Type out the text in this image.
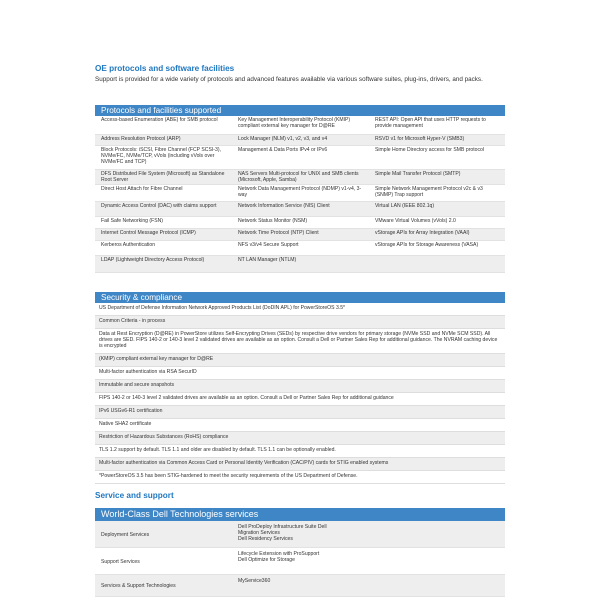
OE protocols and software facilities

Support is provided for a wide variety of protocols and advanced features available via various software suites, plug-ins, drivers, and packs.

Protocols and facilities supported
Access-based Enumeration (ABE) for SMB protocol	Key Management Interoperability Protocol (KMIP) compliant external key manager for D@RE	REST API: Open API that uses HTTP requests to provide management
Address Resolution Protocol (ARP)	Lock Manager (NLM) v1, v2, v3, and v4	RSVD v1 for Microsoft Hyper-V (SMB3)
Block Protocols: iSCSI, Fibre Channel (FCP SCSI-3), NVMe/FC, NVMe/TCP, vVols (including vVols over NVMe/FC and TCP)	Management & Data Ports IPv4 or IPv6	Simple Home Directory access for SMB protocol
DFS Distributed File System (Microsoft) as Standalone Root Server	NAS Servers Multi-protocol for UNIX and SMB clients (Microsoft, Apple, Samba)	Simple Mail Transfer Protocol (SMTP)
Direct Host Attach for Fibre Channel	Network Data Management Protocol (NDMP) v1-v4, 3-way	Simple Network Management Protocol v2c & v3 (SNMP) Trap support
Dynamic Access Control (DAC) with claims support	Network Information Service (NIS) Client	Virtual LAN (IEEE 802.1q)
Fail Safe Networking (FSN)	Network Status Monitor (NSM)	VMware Virtual Volumes (vVols) 2.0
Internet Control Message Protocol (ICMP)	Network Time Protocol (NTP) Client	vStorage APIs for Array Integration (VAAI)
Kerberos Authentication	NFS v3/v4 Secure Support	vStorage APIs for Storage Awareness (VASA)
LDAP (Lightweight Directory Access Protocol)	NT LAN Manager (NTLM)	
Security & compliance
US Department of Defense Information Network Approved Products List (DoDIN APL) for PowerStoreOS 3.5*
Common Criteria - in process
Data at Rest Encryption (D@RE) in PowerStore utilizes Self-Encrypting Drives (SEDs) by respective drive vendors for primary storage (NVMe SSD and NVMe SCM SSD). All drives are SED. FIPS 140-2 or 140-3 level 2 validated drives are available as an option. Consult a Dell or Partner Sales Rep for additional guidance. The NVRAM caching device is encrypted
(KMIP) compliant external key manager for D@RE
Multi-factor authentication via RSA SecurID
Immutable and secure snapshots
FIPS 140-2 or 140-3 level 2 validated drives are available as an option. Consult a Dell or Partner Sales Rep for additional guidance
IPv6 USGv6-R1 certification
Native SHA2 certificate
Restriction of Hazardous Substances (RoHS) compliance
TLS 1.2 support by default. TLS 1.1 and older are disabled by default. TLS 1.1 can be optionally enabled.
Multi-factor authentication via Common Access Card or Personal Identity Verification (CAC/PIV) cards for STIG enabled systems
*PowerStoreOS 3.5 has been STIG-hardened to meet the security requirements of the US Department of Defense.
Service and support
World-Class Dell Technologies services
Deployment Services	Dell ProDeploy Infrastructure Suite Dell
Migration Services
Dell Residency Services

Support Services	Lifecycle Extension with ProSupport
Dell Optimize for Storage

Services & Support Technologies	MyService360
